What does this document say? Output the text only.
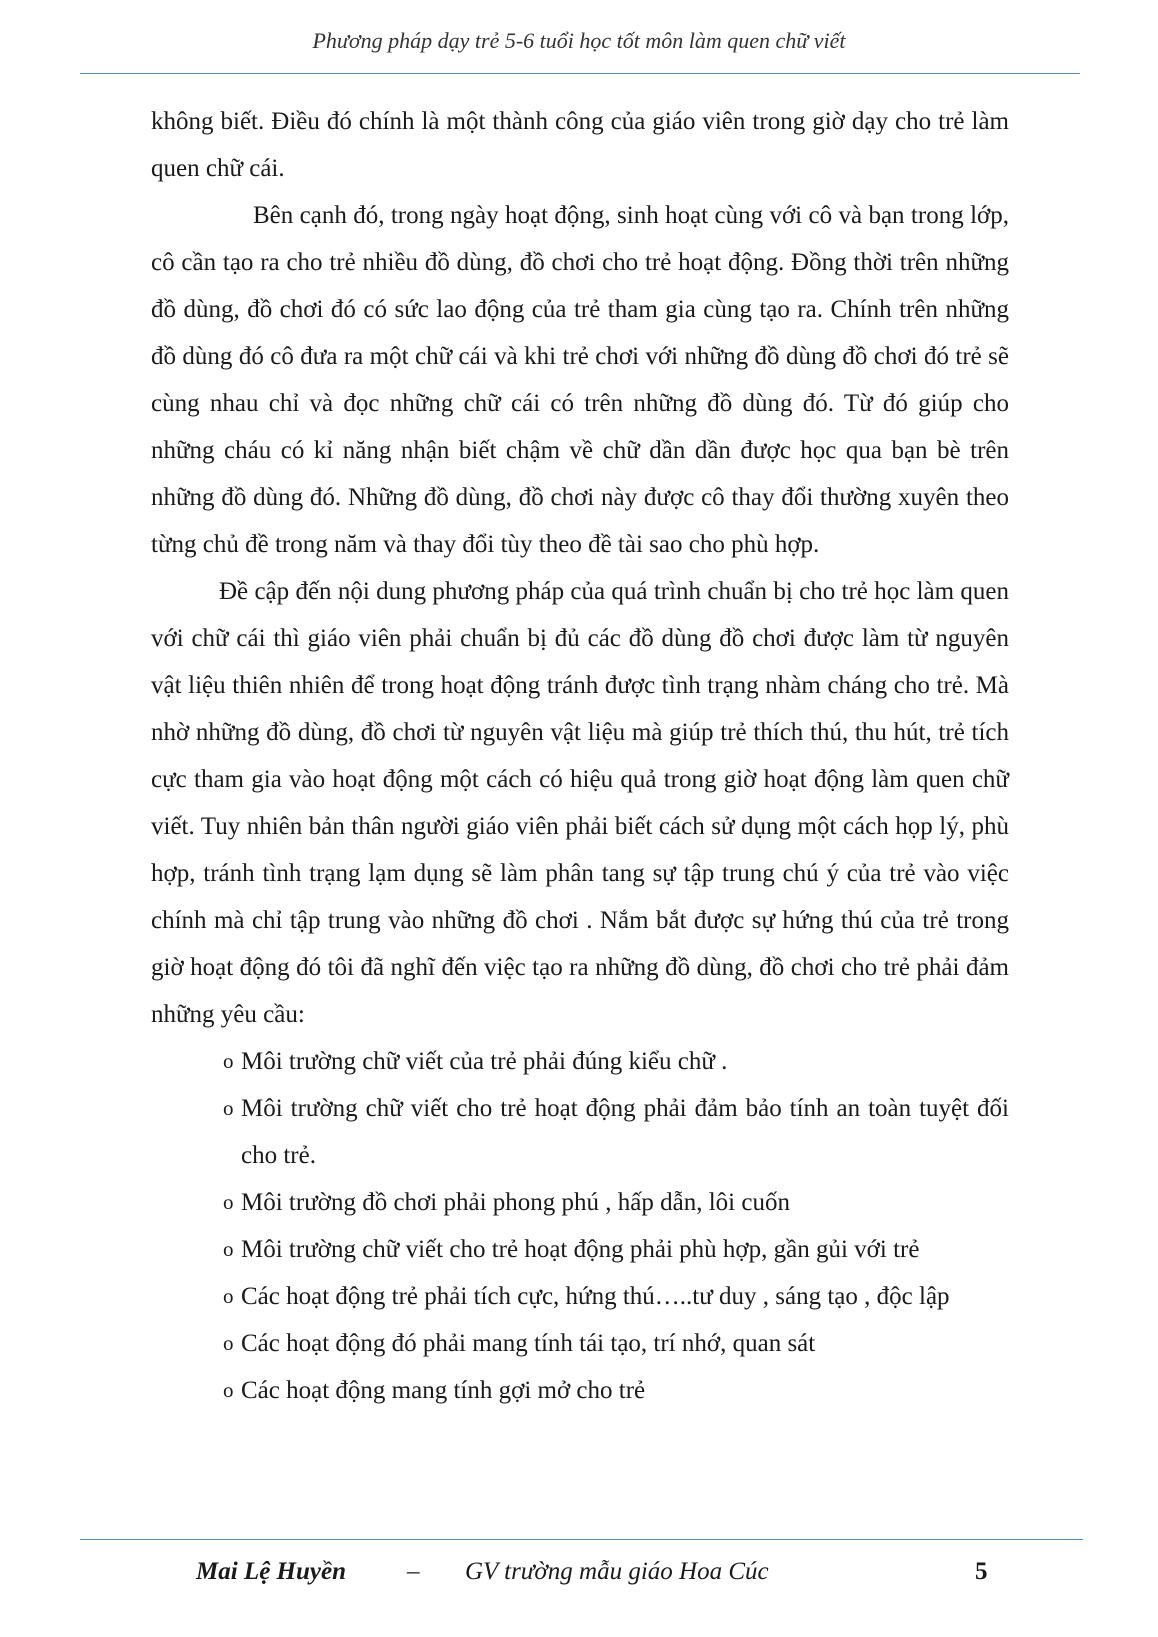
Phương pháp dạy trẻ 5-6 tuổi học tốt môn làm quen chữ viết

không biết. Điều đó chính là một thành công của giáo viên trong giờ dạy cho trẻ làm quen chữ cái.

Bên cạnh đó, trong ngày hoạt động, sinh hoạt cùng với cô và bạn trong lớp, cô cần tạo ra cho trẻ nhiều đồ dùng, đồ chơi cho trẻ hoạt động. Đồng thời trên những đồ dùng, đồ chơi đó có sức lao động của trẻ tham gia cùng tạo ra. Chính trên những đồ dùng đó cô đưa ra một chữ cái và khi trẻ chơi với những đồ dùng đồ chơi đó trẻ sẽ cùng nhau chỉ và đọc những chữ cái có trên những đồ dùng đó. Từ đó giúp cho những cháu có kỉ năng nhận biết chậm về chữ dần dần được học qua bạn bè trên những đồ dùng đó. Những đồ dùng, đồ chơi này được cô thay đổi thường xuyên theo từng chủ đề trong năm và thay đổi tùy theo đề tài sao cho phù hợp.

Đề cập đến nội dung phương pháp của quá trình chuẩn bị cho trẻ học làm quen với chữ cái thì giáo viên phải chuẩn bị đủ các đồ dùng đồ chơi được làm từ nguyên vật liệu thiên nhiên để trong hoạt động tránh được tình trạng nhàm cháng cho trẻ. Mà nhờ những đồ dùng, đồ chơi từ nguyên vật liệu mà giúp trẻ thích thú, thu hút, trẻ tích cực tham gia vào hoạt động một cách có hiệu quả trong giờ hoạt động làm quen chữ viết. Tuy nhiên bản thân người giáo viên phải biết cách sử dụng một cách họp lý, phù hợp, tránh tình trạng lạm dụng sẽ làm phân tang sự tập trung chú ý của trẻ vào việc chính mà chỉ tập trung vào những đồ chơi . Nắm bắt được sự hứng thú của trẻ trong giờ hoạt động đó tôi đã nghĩ đến việc tạo ra những đồ dùng, đồ chơi cho trẻ phải đảm những yêu cầu:

o Môi trường chữ viết của trẻ phải đúng kiểu chữ .
o Môi trường chữ viết cho trẻ hoạt động phải đảm bảo tính an toàn tuyệt đối cho trẻ.
o Môi trường đồ chơi phải phong phú , hấp dẫn, lôi cuốn
o Môi trường chữ viết cho trẻ hoạt động phải phù hợp, gần gủi với trẻ
o Các hoạt động trẻ phải tích cực, hứng thú…..tư duy , sáng tạo , độc lập
o Các hoạt động đó phải mang tính tái tạo, trí nhớ, quan sát
o Các hoạt động mang tính gợi mở cho trẻ
Mai Lệ Huyền – GV trường mẫu giáo Hoa Cúc	5
